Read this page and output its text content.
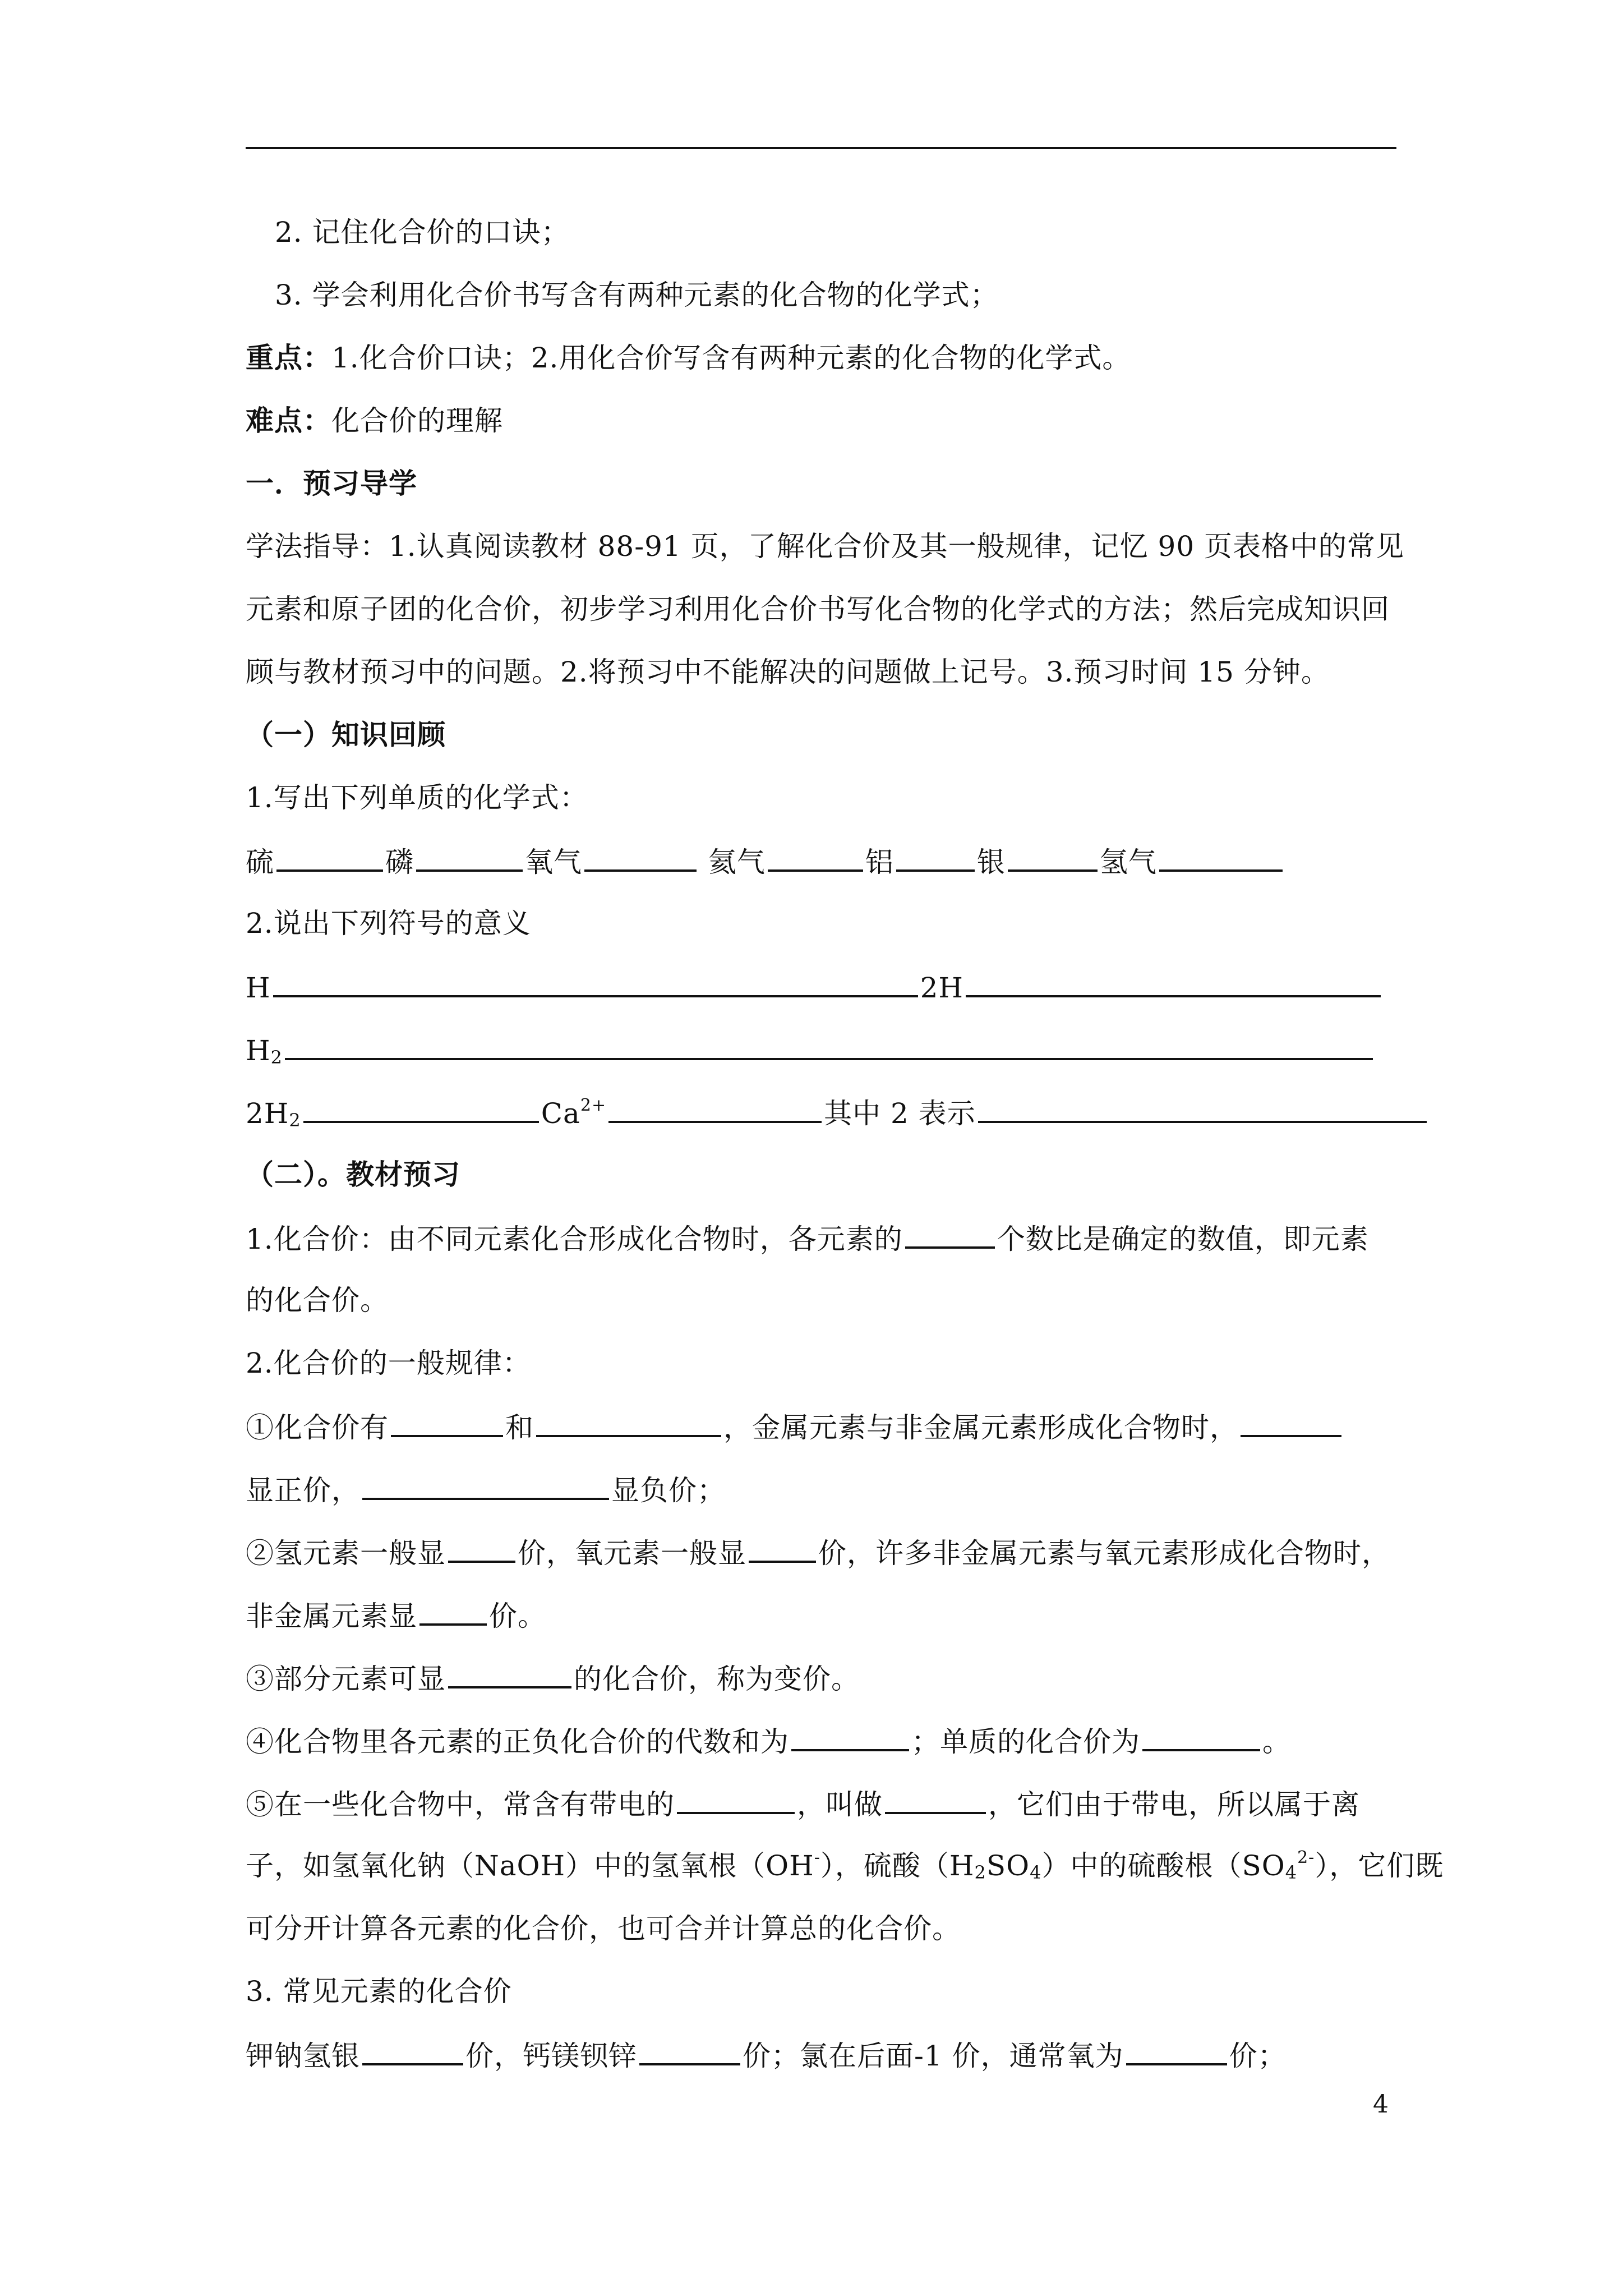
2. 记住化合价的口诀；
3. 学会利用化合价书写含有两种元素的化合物的化学式；
重点：1.化合价口诀；2.用化合价写含有两种元素的化合物的化学式。
难点：化合价的理解
一．预习导学
学法指导：1.认真阅读教材 88-91 页，了解化合价及其一般规律，记忆 90 页表格中的常见
元素和原子团的化合价，初步学习利用化合价书写化合物的化学式的方法；然后完成知识回
顾与教材预习中的问题。2.将预习中不能解决的问题做上记号。3.预习时间 15 分钟。
（一）知识回顾
1.写出下列单质的化学式：
硫	磷	氧气	氦气	铝	银	氢气
2.说出下列符号的意义
H	2H
$H_2$
$2H_2$	$Ca^{2+}$	其中 2 表示
（二）。教材预习
1.化合价：由不同元素化合形成化合物时，各元素的	个数比是确定的数值，即元素
的化合价。
2.化合价的一般规律：
①化合价有	和	，金属元素与非金属元素形成化合物时，
显正价，	显负价；
②氢元素一般显	价，氧元素一般显	价，许多非金属元素与氧元素形成化合物时，
非金属元素显	价。
③部分元素可显	的化合价，称为变价。
④化合物里各元素的正负化合价的代数和为	；单质的化合价为	。
⑤在一些化合物中，常含有带电的	，叫做	，它们由于带电，所以属于离
子，如氢氧化钠（NaOH）中的氢氧根（OH-），硫酸$(H_2SO_4)$中的硫酸根$(SO_4^{2-})$，它们既
可分开计算各元素的化合价，也可合并计算总的化合价。
3. 常见元素的化合价
钾钠氢银	价，钙镁钡锌	价；氯在后面-1 价，通常氧为	价；
4
